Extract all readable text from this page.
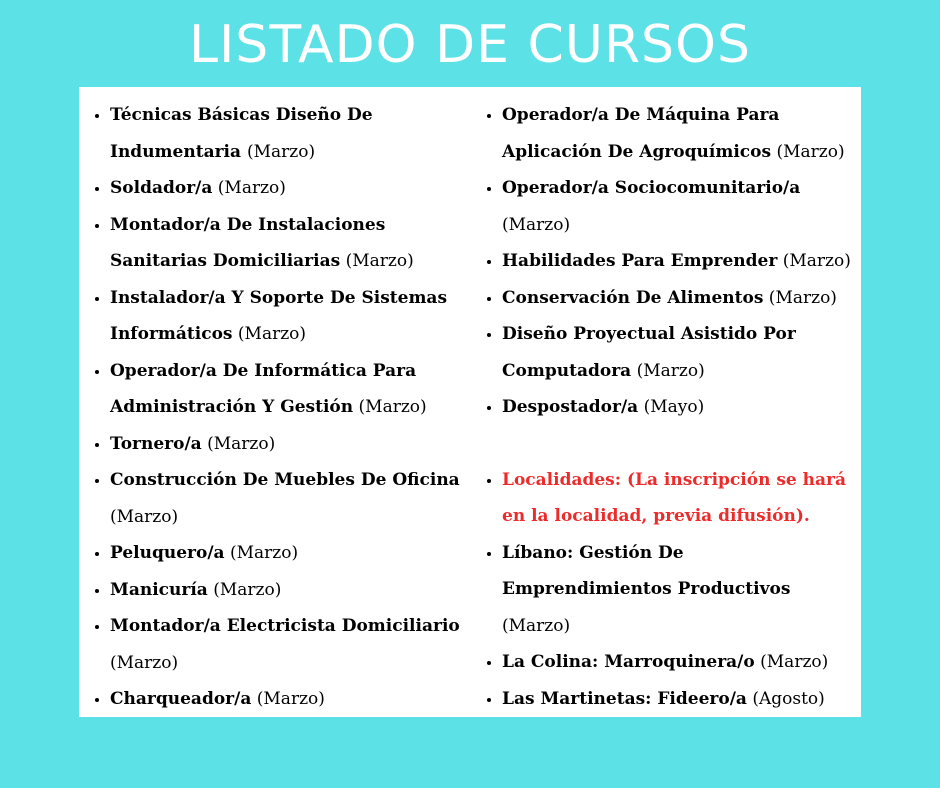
LISTADO DE CURSOS
• Técnicas Básicas Diseño De Indumentaria (Marzo)
• Soldador/a (Marzo)
• Montador/a De Instalaciones Sanitarias Domiciliarias (Marzo)
• Instalador/a Y Soporte De Sistemas Informáticos (Marzo)
• Operador/a De Informática Para Administración Y Gestión (Marzo)
• Tornero/a (Marzo)
• Construcción De Muebles De Oficina (Marzo)
• Peluquero/a (Marzo)
• Manicuría (Marzo)
• Montador/a Electricista Domiciliario (Marzo)
• Charqueador/a (Marzo)
• Operador/a De Máquina Para Aplicación De Agroquímicos (Marzo)
• Operador/a Sociocomunitario/a (Marzo)
• Habilidades Para Emprender (Marzo)
• Conservación De Alimentos (Marzo)
• Diseño Proyectual Asistido Por Computadora (Marzo)
• Despostador/a (Mayo)
• Localidades: (La inscripción se hará en la localidad, previa difusión).
• Líbano: Gestión De Emprendimientos Productivos (Marzo)
• La Colina: Marroquinera/o (Marzo)
• Las Martinetas: Fideero/a (Agosto)
